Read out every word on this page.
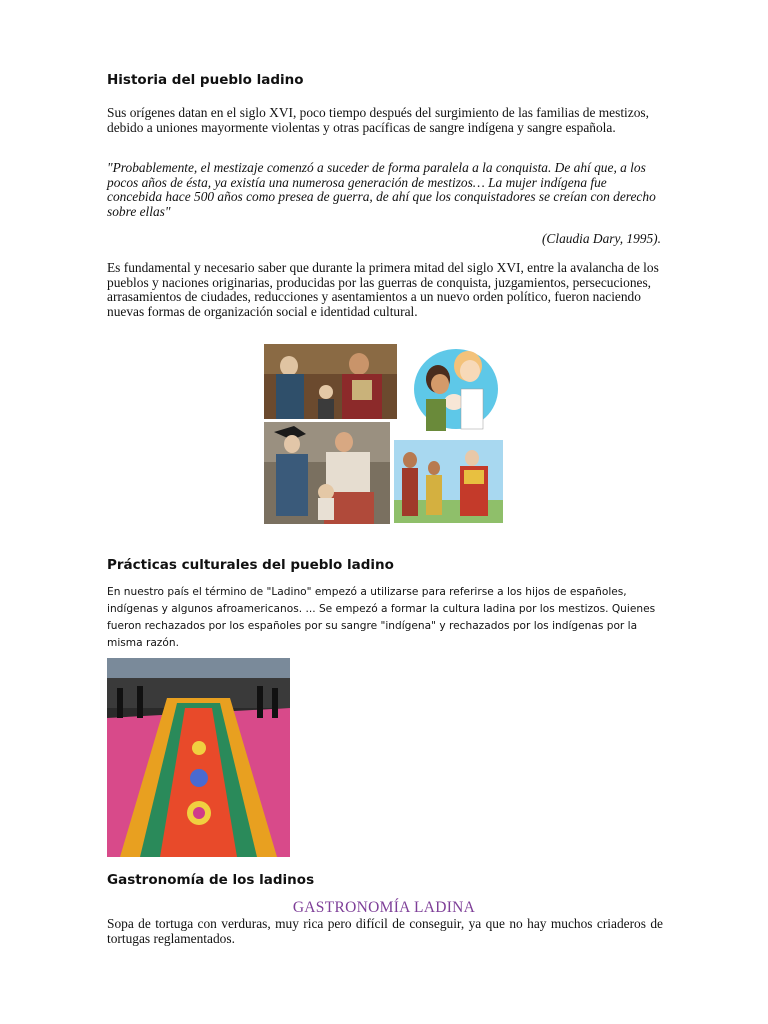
Historia del pueblo ladino

Sus orígenes datan en el siglo XVI, poco tiempo después del surgimiento de las familias de mestizos, debido a uniones mayormente violentas y otras pacíficas de sangre indígena y sangre española.

"Probablemente, el mestizaje comenzó a suceder de forma paralela a la conquista. De ahí que, a los pocos años de ésta, ya existía una numerosa generación de mestizos… La mujer indígena fue concebida hace 500 años como presea de guerra, de ahí que los conquistadores se creían con derecho sobre ellas"

(Claudia Dary, 1995).

Es fundamental y necesario saber que durante la primera mitad del siglo XVI, entre la avalancha de los pueblos y naciones originarias, producidas por las guerras de conquista, juzgamientos, persecuciones, arrasamientos de ciudades, reducciones y asentamientos a un nuevo orden político, fueron naciendo nuevas formas de organización social e identidad cultural.

Prácticas culturales del pueblo ladino

En nuestro país el término de "Ladino" empezó a utilizarse para referirse a los hijos de españoles, indígenas y algunos afroamericanos. ... Se empezó a formar la cultura ladina por los mestizos. Quienes fueron rechazados por los españoles por su sangre "indígena" y rechazados por los indígenas por la misma razón.

Gastronomía de los ladinos
GASTRONOMÍA LADINA

Sopa de tortuga con verduras, muy rica pero difícil de conseguir, ya que no hay muchos criaderos de tortugas reglamentados.
